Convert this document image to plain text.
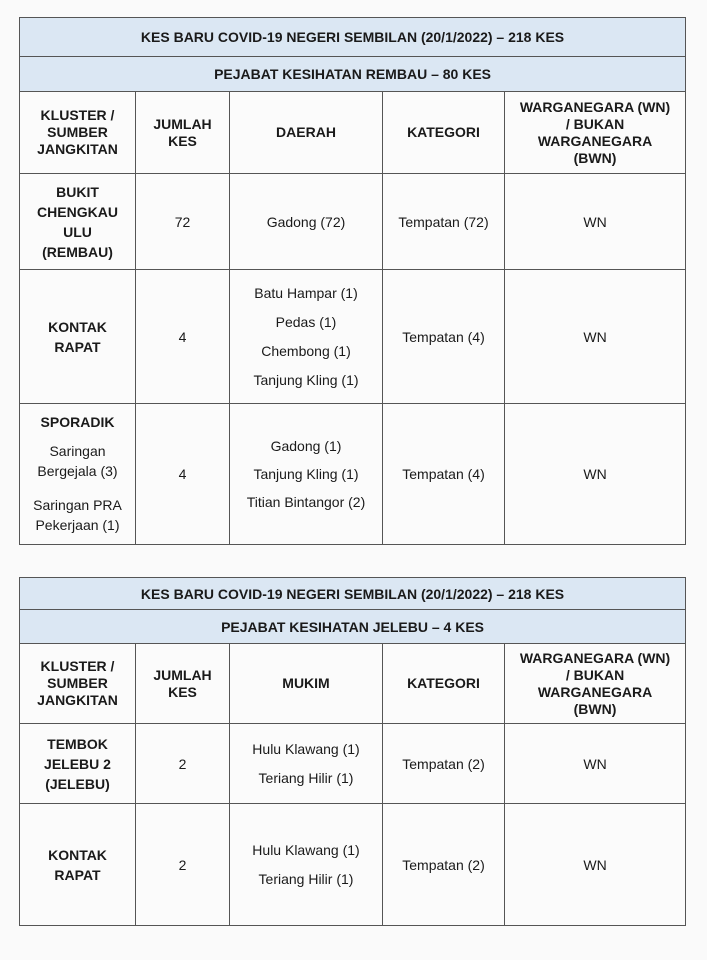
KES BARU COVID-19 NEGERI SEMBILAN (20/1/2022) – 218 KES				
PEJABAT KESIHATAN REMBAU – 80 KES				
KLUSTER /
SUMBER
JANGKITAN	JUMLAH
KES	DAERAH	KATEGORI	WARGANEGARA (WN)
/ BUKAN
WARGANEGARA
(BWN)
BUKIT
CHENGKAU
ULU
(REMBAU)	72	Gadong (72)	Tempatan (72)	WN
KONTAK
RAPAT	4	Batu Hampar (1)
Pedas (1)
Chembong (1)
Tanjung Kling (1)	Tempatan (4)	WN

SPORADIK
Saringan
Bergejala (3)
Saringan PRA
Pekerjaan (1)	4	Gadong (1)
Tanjung Kling (1)
Titian Bintangor (2)	Tempatan (4)	WN
KES BARU COVID-19 NEGERI SEMBILAN (20/1/2022) – 218 KES				
PEJABAT KESIHATAN JELEBU – 4 KES				
KLUSTER /
SUMBER
JANGKITAN	JUMLAH
KES	MUKIM	KATEGORI	WARGANEGARA (WN)
/ BUKAN
WARGANEGARA
(BWN)
TEMBOK
JELEBU 2
(JELEBU)	2	Hulu Klawang (1)
Teriang Hilir (1)	Tempatan (2)	WN
KONTAK
RAPAT	2	Hulu Klawang (1)
Teriang Hilir (1)	Tempatan (2)	WN
